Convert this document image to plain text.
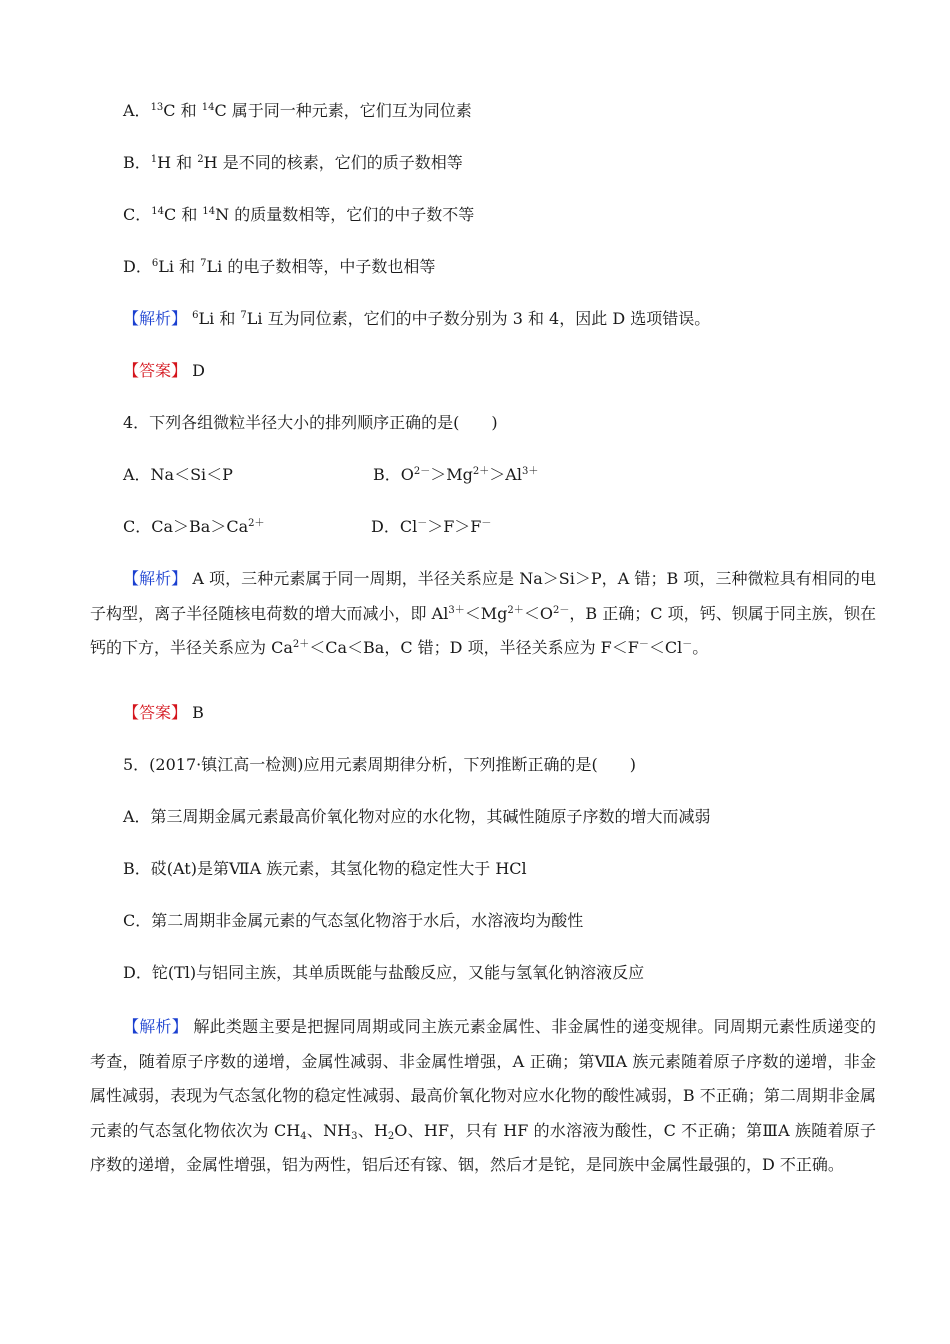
A．$^{13}$C 和 $^{14}$C 属于同一种元素，它们互为同位素
B．$^1$H 和 $^2$H 是不同的核素，它们的质子数相等
C．$^{14}$C 和 $^{14}$N 的质量数相等，它们的中子数不等
D．$^6$Li 和 $^7$Li 的电子数相等，中子数也相等
【解析】 $^6$Li 和 $^7$Li 互为同位素，它们的中子数分别为 3 和 4，因此 D 选项错误。
【答案】 D
4．下列各组微粒半径大小的排列顺序正确的是(　　)
A．Na＜Si＜P	B．$O^{2-}>Mg^{2+}>Al^{3+}$
C．$Ca>Ba>Ca^{2+}$	D．Cl－＞F＞F－
【解析】 A 项，三种元素属于同一周期，半径关系应是 Na＞Si＞P，A 错；B 项，三种微粒具有相同的电子构型，离子半径随核电荷数的增大而减小，即 $Al^{3+}<Mg^{2+}<O^{2-}$，B 正确；C 项，钙、钡属于同主族，钡在钙的下方，半径关系应为 $Ca^{2+}<Ca<Ba$，C 错；D 项，半径关系应为 F＜F－＜Cl－。
【答案】 B
5．(2017·镇江高一检测)应用元素周期律分析，下列推断正确的是(　　)
A．第三周期金属元素最高价氧化物对应的水化物，其碱性随原子序数的增大而减弱
B．砹(At)是第ⅦA 族元素，其氢化物的稳定性大于 HCl
C．第二周期非金属元素的气态氢化物溶于水后，水溶液均为酸性
D．铊(Tl)与铝同主族，其单质既能与盐酸反应，又能与氢氧化钠溶液反应
【解析】 解此类题主要是把握同周期或同主族元素金属性、非金属性的递变规律。同周期元素性质递变的考查，随着原子序数的递增，金属性减弱、非金属性增强，A 正确；第ⅦA 族元素随着原子序数的递增，非金属性减弱，表现为气态氢化物的稳定性减弱、最高价氧化物对应水化物的酸性减弱，B 不正确；第二周期非金属元素的气态氢化物依次为 $CH_4$、$NH_3$、$H_2O$、HF，只有 HF 的水溶液为酸性，C 不正确；第ⅢA 族随着原子序数的递增，金属性增强，铝为两性，铝后还有镓、铟，然后才是铊，是同族中金属性最强的，D 不正确。
